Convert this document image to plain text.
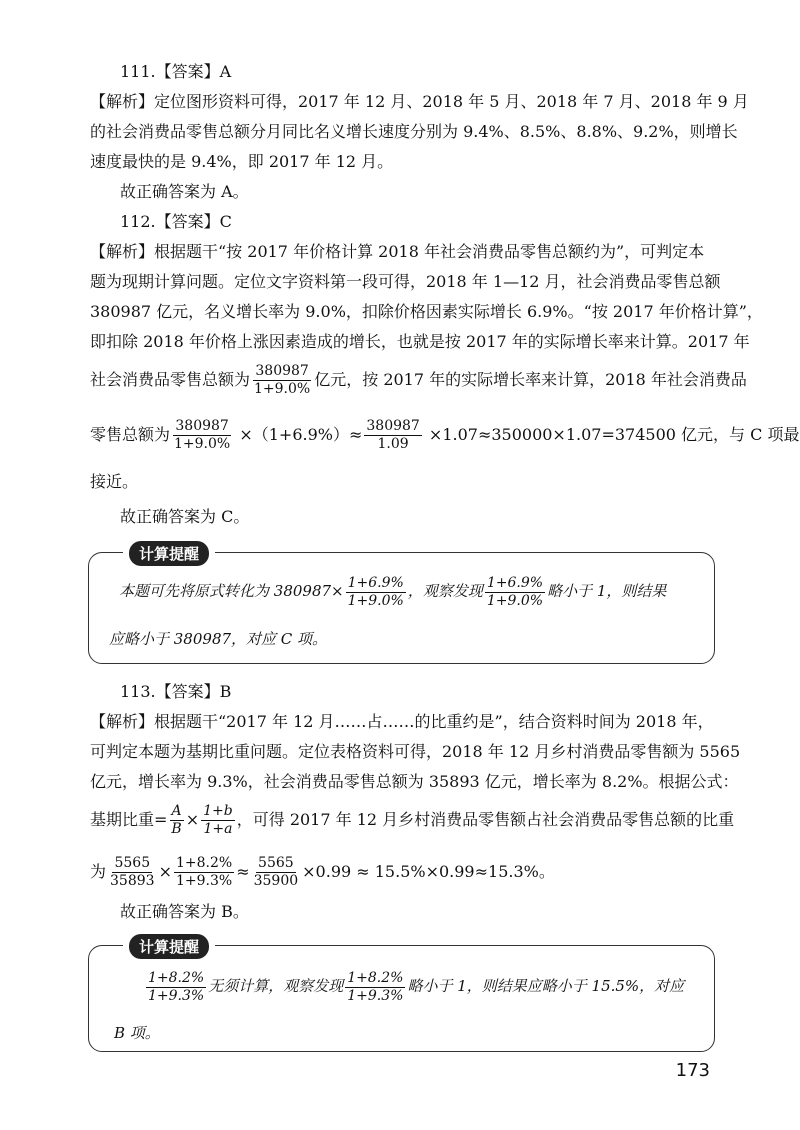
111.【答案】A
【解析】定位图形资料可得，2017 年 12 月、2018 年 5 月、2018 年 7 月、2018 年 9 月
的社会消费品零售总额分月同比名义增长速度分别为 9.4%、8.5%、8.8%、9.2%，则增长
速度最快的是 9.4%，即 2017 年 12 月。
故正确答案为 A。
112.【答案】C
【解析】根据题干“按 2017 年价格计算 2018 年社会消费品零售总额约为”，可判定本
题为现期计算问题。定位文字资料第一段可得，2018 年 1—12 月，社会消费品零售总额
380987 亿元，名义增长率为 9.0%，扣除价格因素实际增长 6.9%。“按 2017 年价格计算”，
即扣除 2018 年价格上涨因素造成的增长，也就是按 2017 年的实际增长率来计算。2017 年
社会消费品零售总额为 $\frac{380987}{1+9.0\%}$ 亿元，按 2017 年的实际增长率来计算，2018 年社会消费品
零售总额为 $\frac{380987}{1+9.0\%} \times(1+6.9\%)\approx \frac{380987}{1.09} \times 1.07\approx 350000\times 1.07=374500$ 亿元，与 C 项最
接近。
故正确答案为 C。
计算提醒
本题可先将原式转化为 $380987\times \frac{1+6.9\%}{1+9.0\%}$ ，观察发现 $\frac{1+6.9\%}{1+9.0\%}$ 略小于 1，则结果
应略小于 380987，对应 C 项。
113.【答案】B
【解析】根据题干“2017 年 12 月……占……的比重约是”，结合资料时间为 2018 年，
可判定本题为基期比重问题。定位表格资料可得，2018 年 12 月乡村消费品零售额为 5565
亿元，增长率为 9.3%，社会消费品零售总额为 35893 亿元，增长率为 8.2%。根据公式：
基期比重= $\frac{A}{B} \times \frac{1+b}{1+a}$ ，可得 2017 年 12 月乡村消费品零售额占社会消费品零售总额的比重
为 $\frac{5565}{35893} \times \frac{1+8.2\%}{1+9.3\%} \approx \frac{5565}{35900} \times 0.99 \approx 15.5\%\times 0.99\approx 15.3\%$。
故正确答案为 B。
计算提醒
$\frac{1+8.2\%}{1+9.3\%}$ 无须计算，观察发现 $\frac{1+8.2\%}{1+9.3\%}$ 略小于 1，则结果应略小于 15.5%，对应
B 项。
173
